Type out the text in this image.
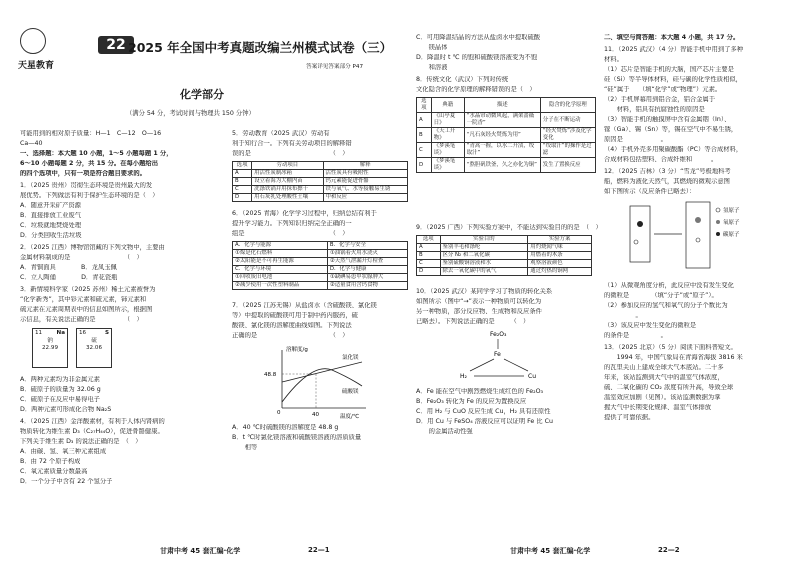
天星教育
22
可能用到的相对原子质量：H—1　C—12　O—16
Ca—40
一、选择题：本大题 10 小题，1～5 小题每题 1 分，
6～10 小题每题 2 分，共 15 分。在每小题给出
的四个选项中，只有一项是符合题目要求的。
1．（2025 贵州）贯彻生态环境是贵州最大的发
展优势。下列做法有利于保护生态环境的是（　）
A．随意开采矿产资源
B．直接排放工业废气
C．垃圾就地焚烧处理
D．分类回收生活垃圾
2．（2025 江西）博物馆馆藏的下列文物中，主要由
金属材料制成的是　　　　　　　　　（　）
A．青铜面具　　　　B．龙凤玉佩
C．立人陶俑　　　　D．青花瓷瓶
3．新情境科学家（2025 苏州）稀土元素被誉为
“化学新秀”，其中钐元素和硫元素，铈元素和
硫元素在元素周期表中的信息如图所示，根据图
示信息，有关说法正确的是　　　　　（　）
11	Na
钠
22.99
16	S
硫
32.06
A．两种元素均为非金属元素
B．硫原子的质量为 32.06 g
C．硫原子在反应中易得电子
D．两种元素可形成化合物 Na₂S
4．（2025 江西）金洋酸素材，有利于人体内肾病的
物质转化为维生素 D₃（C₂₇H₄₄O），促进骨骼健康。
下列关于维生素 D₃ 的说法正确的是　（　）
A．由碳、氢、氧三种元素组成
B．由 72 个原子构成
C．氧元素质量分数最高
D．一个分子中含有 22 个氢分子
2025 年全国中考真题改编兰州模式试卷（三）
答案详见答案部分 P47
化学部分
（满分 54 分，考试时间与物理共 150 分钟）
5．劳动教育（2025 武汉）劳动有
利于知行合一。下列有关劳动项目的解释错
误的是　　　　　　　　　　　　　（　）
选项	劳动项目	解释
A	用活性炭制冰箱	活性炭具有吸附性
B	设立着海为大棚内苗	钙元素能促进骨骼
C	洗涤铁锅并用抹布擦干	铁与氧气、水等接触易生锈
D	用石灰乳处理酸性土壤	中和反应
6．（2025 青海）化学学习过程中，归纳总结有利于
提升学习能力。下列知识归纳完全正确的一
组是　　　　　　　　　　　　　　（　）
A．化学与能源	B．化学与安全
①煤是化石燃料	①油锅着火用水浇灭
②太阳能是不可再生能源	②天然气泄漏开灯检查
C．化学与环境	D．化学与健康
①回收废旧电池	①缺碘易患甲状腺肿大
②减少使用一次性塑料制品	②适量食用含钙食物
7．（2025 江苏无锡）从盐卤水（含硫酸镁、氯化镁
等）中提取的硫酸镁可用于制中药内服药，硫
酸镁、氯化镁的溶解度曲线如图。下列说法
正确的是　　　　　　　　　　　　（　）
溶解度/g
温度/℃
48.8
40
0
氯化镁
硫酸镁
A．40 ℃时硫酸镁的溶解度是 48.8 g
B．t ℃时氯化镁溶液和硫酸镁溶液的溶质质量
　　相等
C．可用降温结晶的方法从盐卤水中提取硫酸
　　镁晶体
D．降温时 t ℃ 的饱和硫酸镁溶液变为不饱
　　和溶液
8．传统文化（武汉）下列对传统
文化隐含的化学原理的解释错误的是（　）
选项	典籍	描述	隐含的化学原理
A	《山亭夏日》	“水晶帘动微风起，满架蔷薇一院香”	分子在不断运动
B	《天工开物》	“凡石灰经火焚炼为用”	“经火焚炼”涉及化学变化
C	《梦溪笔谈》	“青蒿一握，以水二升渍，绞取汁”	“绞取汁”的操作是过滤
D	《梦溪笔谈》	“熬胆矾铁釜，久之亦化为铜”	发生了置换反应
9．（2025 广西）下列实验方案中，不能达到实验目的的是　（　）
选项	实验目的	实验方案
A	鉴别羊毛和涤纶	用灼烧闻气味
B	区分 N₂ 和二氧化碳	用燃着的木条
C	鉴别硫酸铜溶液和水	观察溶液颜色
D	除去一氧化碳中的氧气	通过灼热的铜网
10．（2025 武汉）某同学学习了物质的转化关系
如图所示（图中“→”表示一种物质可以转化为
另一种物质，部分反应物、生成物和反应条件
已略去）。下列说法正确的是　　　（　）
Fe₂O₃
Fe
H₂	Cu
A．Fe 能在空气中剧烈燃烧生成红色的 Fe₂O₃
B．Fe₂O₃ 转化为 Fe 的反应为置换反应
C．用 H₂ 与 CuO 反应生成 Cu，H₂ 具有还原性
D．用 Cu 与 FeSO₄ 溶液反应可以证明 Fe 比 Cu
　　的金属活动性强
二、填空与简答题：本大题 4 小题，共 17 分。
11．（2025 武汉）（4 分）智能手机中用到了多种
材料。
（1）芯片是智能手机的大脑，国产芯片主要是
硅（Si）等半导体材料，硅与碳的化学性质相似，
“硅”属于　　（填“化学”或“物理”）元素。
（2）手机屏幕用到铝合金，铝合金属于
　　材料，铝具有抗腐蚀性的原因是
（3）智能手机的触摸屏中含有金属铟（In）、
镓（Ga）、锡（Sn）等，锡在空气中不易生锈，
原因是　　　　　　。
（4）手机外壳多用聚碳酸酯（PC）等合成材料，
合成材料包括塑料、合成纤维和　　　。
12．（2025 吉林）（3 分）“雪龙”号极地科考
船，燃料为液化天然气，其燃烧的微观示意图
如下图所示（反应条件已略去）：
氢原子
氧原子
碳原子
（1）从微观角度分析，此反应中没有发生变化
的微粒是　　　　（填“分子”或“原子”）。
（2）参加反应的氢气和氧气的分子个数比为
　　　　　。
（3）该反应中发生变化的微粒是　　　　
的条件是　　　　　。
13．（2025 北京）（5 分）阅读下面科普短文。
　　1994 年，中国气象局在青海省海拔 3816 米
的瓦里关山上建成全球大气本底站。二十多
年来，该站监测到大气中的温室气体浓度，
硫、二氧化碳的 CO₂ 浓度有所升高，导致全球
温室效应加剧（见图）。该站监测数据为掌
握大气中长期变化规律、温室气体排放
提供了可靠依据。
甘肃中考 45 套汇编·化学	22—1	甘肃中考 45 套汇编·化学	22—2
